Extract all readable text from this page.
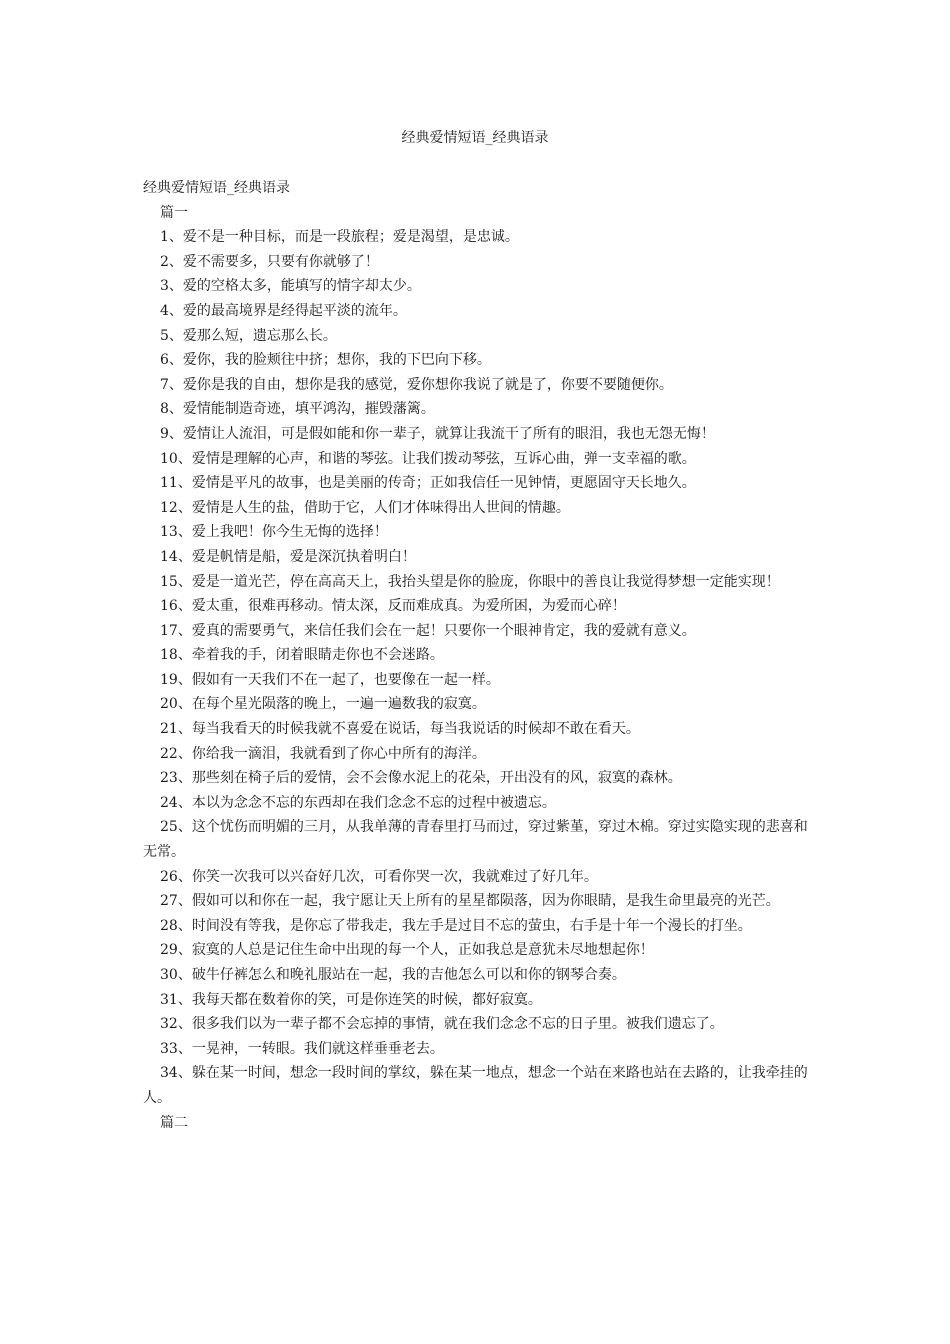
经典爱情短语_经典语录
经典爱情短语_经典语录
篇一
1、爱不是一种目标，而是一段旅程；爱是渴望，是忠诚。
2、爱不需要多，只要有你就够了！
3、爱的空格太多，能填写的情字却太少。
4、爱的最高境界是经得起平淡的流年。
5、爱那么短，遗忘那么长。
6、爱你，我的脸颊往中挤；想你，我的下巴向下移。
7、爱你是我的自由，想你是我的感觉，爱你想你我说了就是了，你要不要随便你。
8、爱情能制造奇迹，填平鸿沟，摧毁藩篱。
9、爱情让人流泪，可是假如能和你一辈子，就算让我流干了所有的眼泪，我也无怨无悔！
10、爱情是理解的心声，和谐的琴弦。让我们拨动琴弦，互诉心曲，弹一支幸福的歌。
11、爱情是平凡的故事，也是美丽的传奇；正如我信任一见钟情，更愿固守天长地久。
12、爱情是人生的盐，借助于它，人们才体味得出人世间的情趣。
13、爱上我吧！你今生无悔的选择！
14、爱是帆情是船，爱是深沉执着明白！
15、爱是一道光芒，停在高高天上，我抬头望是你的脸庞，你眼中的善良让我觉得梦想一定能实现！
16、爱太重，很难再移动。情太深，反而难成真。为爱所困，为爱而心碎！
17、爱真的需要勇气，来信任我们会在一起！只要你一个眼神肯定，我的爱就有意义。
18、牵着我的手，闭着眼睛走你也不会迷路。
19、假如有一天我们不在一起了，也要像在一起一样。
20、在每个星光陨落的晚上，一遍一遍数我的寂寞。
21、每当我看天的时候我就不喜爱在说话，每当我说话的时候却不敢在看天。
22、你给我一滴泪，我就看到了你心中所有的海洋。
23、那些刻在椅子后的爱情，会不会像水泥上的花朵，开出没有的风，寂寞的森林。
24、本以为念念不忘的东西却在我们念念不忘的过程中被遗忘。
25、这个忧伤而明媚的三月，从我单薄的青春里打马而过，穿过紫堇，穿过木棉。穿过实隐实现的悲喜和无常。
26、你笑一次我可以兴奋好几次，可看你哭一次，我就难过了好几年。
27、假如可以和你在一起，我宁愿让天上所有的星星都陨落，因为你眼睛，是我生命里最亮的光芒。
28、时间没有等我，是你忘了带我走，我左手是过目不忘的萤虫，右手是十年一个漫长的打坐。
29、寂寞的人总是记住生命中出现的每一个人，正如我总是意犹未尽地想起你！
30、破牛仔裤怎么和晚礼服站在一起，我的吉他怎么可以和你的钢琴合奏。
31、我每天都在数着你的笑，可是你连笑的时候，都好寂寞。
32、很多我们以为一辈子都不会忘掉的事情，就在我们念念不忘的日子里。被我们遗忘了。
33、一晃神，一转眼。我们就这样垂垂老去。
34、躲在某一时间，想念一段时间的掌纹，躲在某一地点，想念一个站在来路也站在去路的，让我牵挂的人。
篇二
